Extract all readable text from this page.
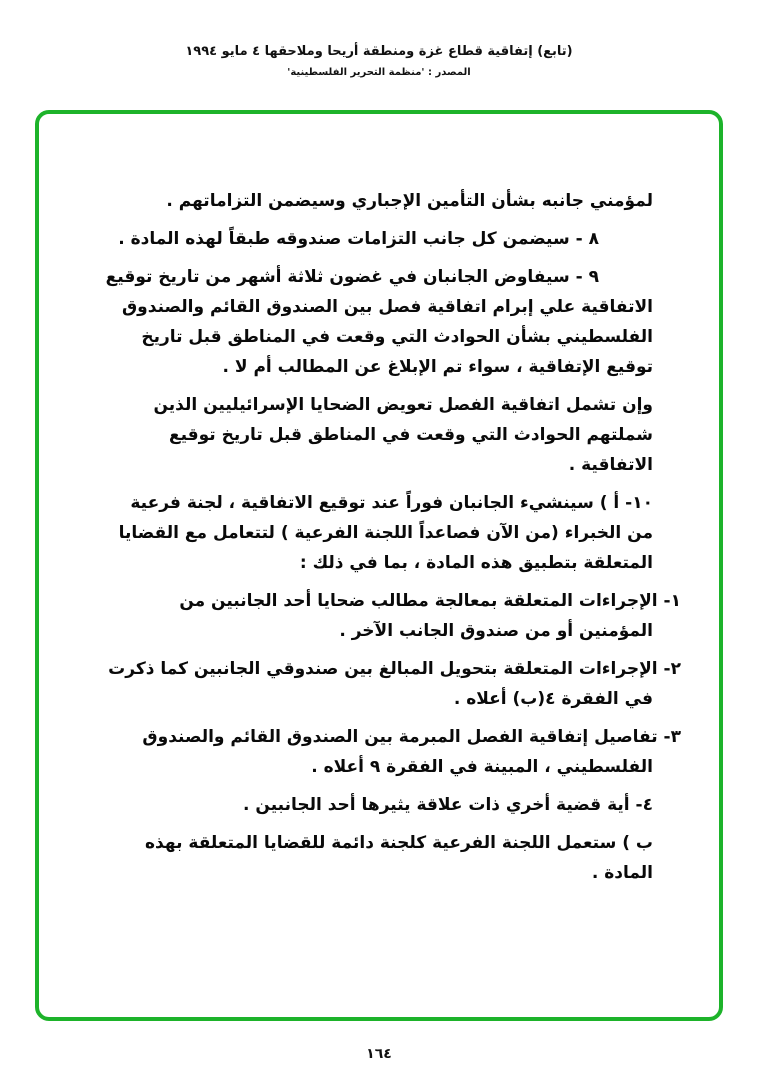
(تابع) إتفاقية قطاع غزة ومنطقة أريحا وملاحقها ٤ مايو ١٩٩٤
المصدر : 'منظمة التحرير الفلسطينية'

لمؤمني جانبه بشأن التأمين الإجباري وسيضمن التزاماتهم .

٨ - سيضمن كل جانب التزامات صندوقه طبقاً لهذه المادة .

٩ - سيفاوض الجانبان في غضون ثلاثة أشهر من تاريخ توقيع الاتفاقية علي إبرام اتفاقية فصل بين الصندوق القائم والصندوق الفلسطيني بشأن الحوادث التي وقعت في المناطق قبل تاريخ توقيع الإتفاقية ، سواء تم الإبلاغ عن المطالب أم لا .

وإن تشمل اتفاقية الفصل تعويض الضحايا الإسرائيليين الذين شملتهم الحوادث التي وقعت في المناطق قبل تاريخ توقيع الاتفاقية .

١٠- أ ) سينشيء الجانبان فوراً عند توقيع الاتفاقية ، لجنة فرعية من الخبراء (من الآن فصاعداً اللجنة الفرعية ) لتتعامل مع القضايا المتعلقة بتطبيق هذه المادة ، بما في ذلك :

١- الإجراءات المتعلقة بمعالجة مطالب ضحايا أحد الجانبين من المؤمنين أو من صندوق الجانب الآخر .

٢- الإجراءات المتعلقة بتحويل المبالغ بين صندوقي الجانبين كما ذكرت في الفقرة ٤(ب) أعلاه .

٣- تفاصيل إتفاقية الفصل المبرمة بين الصندوق القائم والصندوق الفلسطيني ، المبينة في الفقرة ٩ أعلاه .

٤- أية قضية أخري ذات علاقة يثيرها أحد الجانبين .

ب ) ستعمل اللجنة الفرعية كلجنة دائمة للقضايا المتعلقة بهذه المادة .

١٦٤
